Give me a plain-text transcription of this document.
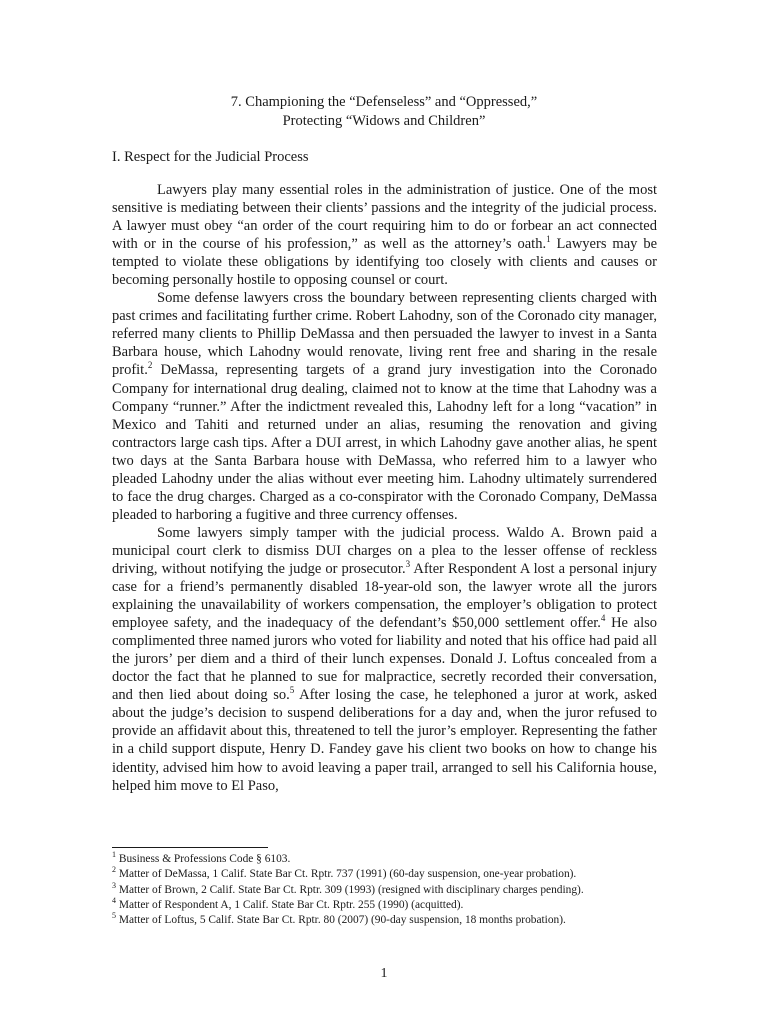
7. Championing the “Defenseless” and “Oppressed,”
Protecting “Widows and Children”
I. Respect for the Judicial Process

Lawyers play many essential roles in the administration of justice. One of the most sensitive is mediating between their clients’ passions and the integrity of the judicial process. A lawyer must obey “an order of the court requiring him to do or forbear an act connected with or in the course of his profession,” as well as the attorney’s oath.$^1$ Lawyers may be tempted to violate these obligations by identifying too closely with clients and causes or becoming personally hostile to opposing counsel or court.

Some defense lawyers cross the boundary between representing clients charged with past crimes and facilitating further crime. Robert Lahodny, son of the Coronado city manager, referred many clients to Phillip DeMassa and then persuaded the lawyer to invest in a Santa Barbara house, which Lahodny would renovate, living rent free and sharing in the resale profit.$^2$ DeMassa, representing targets of a grand jury investigation into the Coronado Company for international drug dealing, claimed not to know at the time that Lahodny was a Company “runner.” After the indictment revealed this, Lahodny left for a long “vacation” in Mexico and Tahiti and returned under an alias, resuming the renovation and giving contractors large cash tips. After a DUI arrest, in which Lahodny gave another alias, he spent two days at the Santa Barbara house with DeMassa, who referred him to a lawyer who pleaded Lahodny under the alias without ever meeting him. Lahodny ultimately surrendered to face the drug charges. Charged as a co-conspirator with the Coronado Company, DeMassa pleaded to harboring a fugitive and three currency offenses.

Some lawyers simply tamper with the judicial process. Waldo A. Brown paid a municipal court clerk to dismiss DUI charges on a plea to the lesser offense of reckless driving, without notifying the judge or prosecutor.$^3$ After Respondent A lost a personal injury case for a friend’s permanently disabled 18-year-old son, the lawyer wrote all the jurors explaining the unavailability of workers compensation, the employer’s obligation to protect employee safety, and the inadequacy of the defendant’s $50,000 settlement offer.$^4$ He also complimented three named jurors who voted for liability and noted that his office had paid all the jurors’ per diem and a third of their lunch expenses. Donald J. Loftus concealed from a doctor the fact that he planned to sue for malpractice, secretly recorded their conversation, and then lied about doing so.$^5$ After losing the case, he telephoned a juror at work, asked about the judge’s decision to suspend deliberations for a day and, when the juror refused to provide an affidavit about this, threatened to tell the juror’s employer. Representing the father in a child support dispute, Henry D. Fandey gave his client two books on how to change his identity, advised him how to avoid leaving a paper trail, arranged to sell his California house, helped him move to El Paso,

$^1$ Business & Professions Code § 6103.
$^2$ Matter of DeMassa, 1 Calif. State Bar Ct. Rptr. 737 (1991) (60-day suspension, one-year probation).
$^3$ Matter of Brown, 2 Calif. State Bar Ct. Rptr. 309 (1993) (resigned with disciplinary charges pending).
$^4$ Matter of Respondent A, 1 Calif. State Bar Ct. Rptr. 255 (1990) (acquitted).
$^5$ Matter of Loftus, 5 Calif. State Bar Ct. Rptr. 80 (2007) (90-day suspension, 18 months probation).
1
